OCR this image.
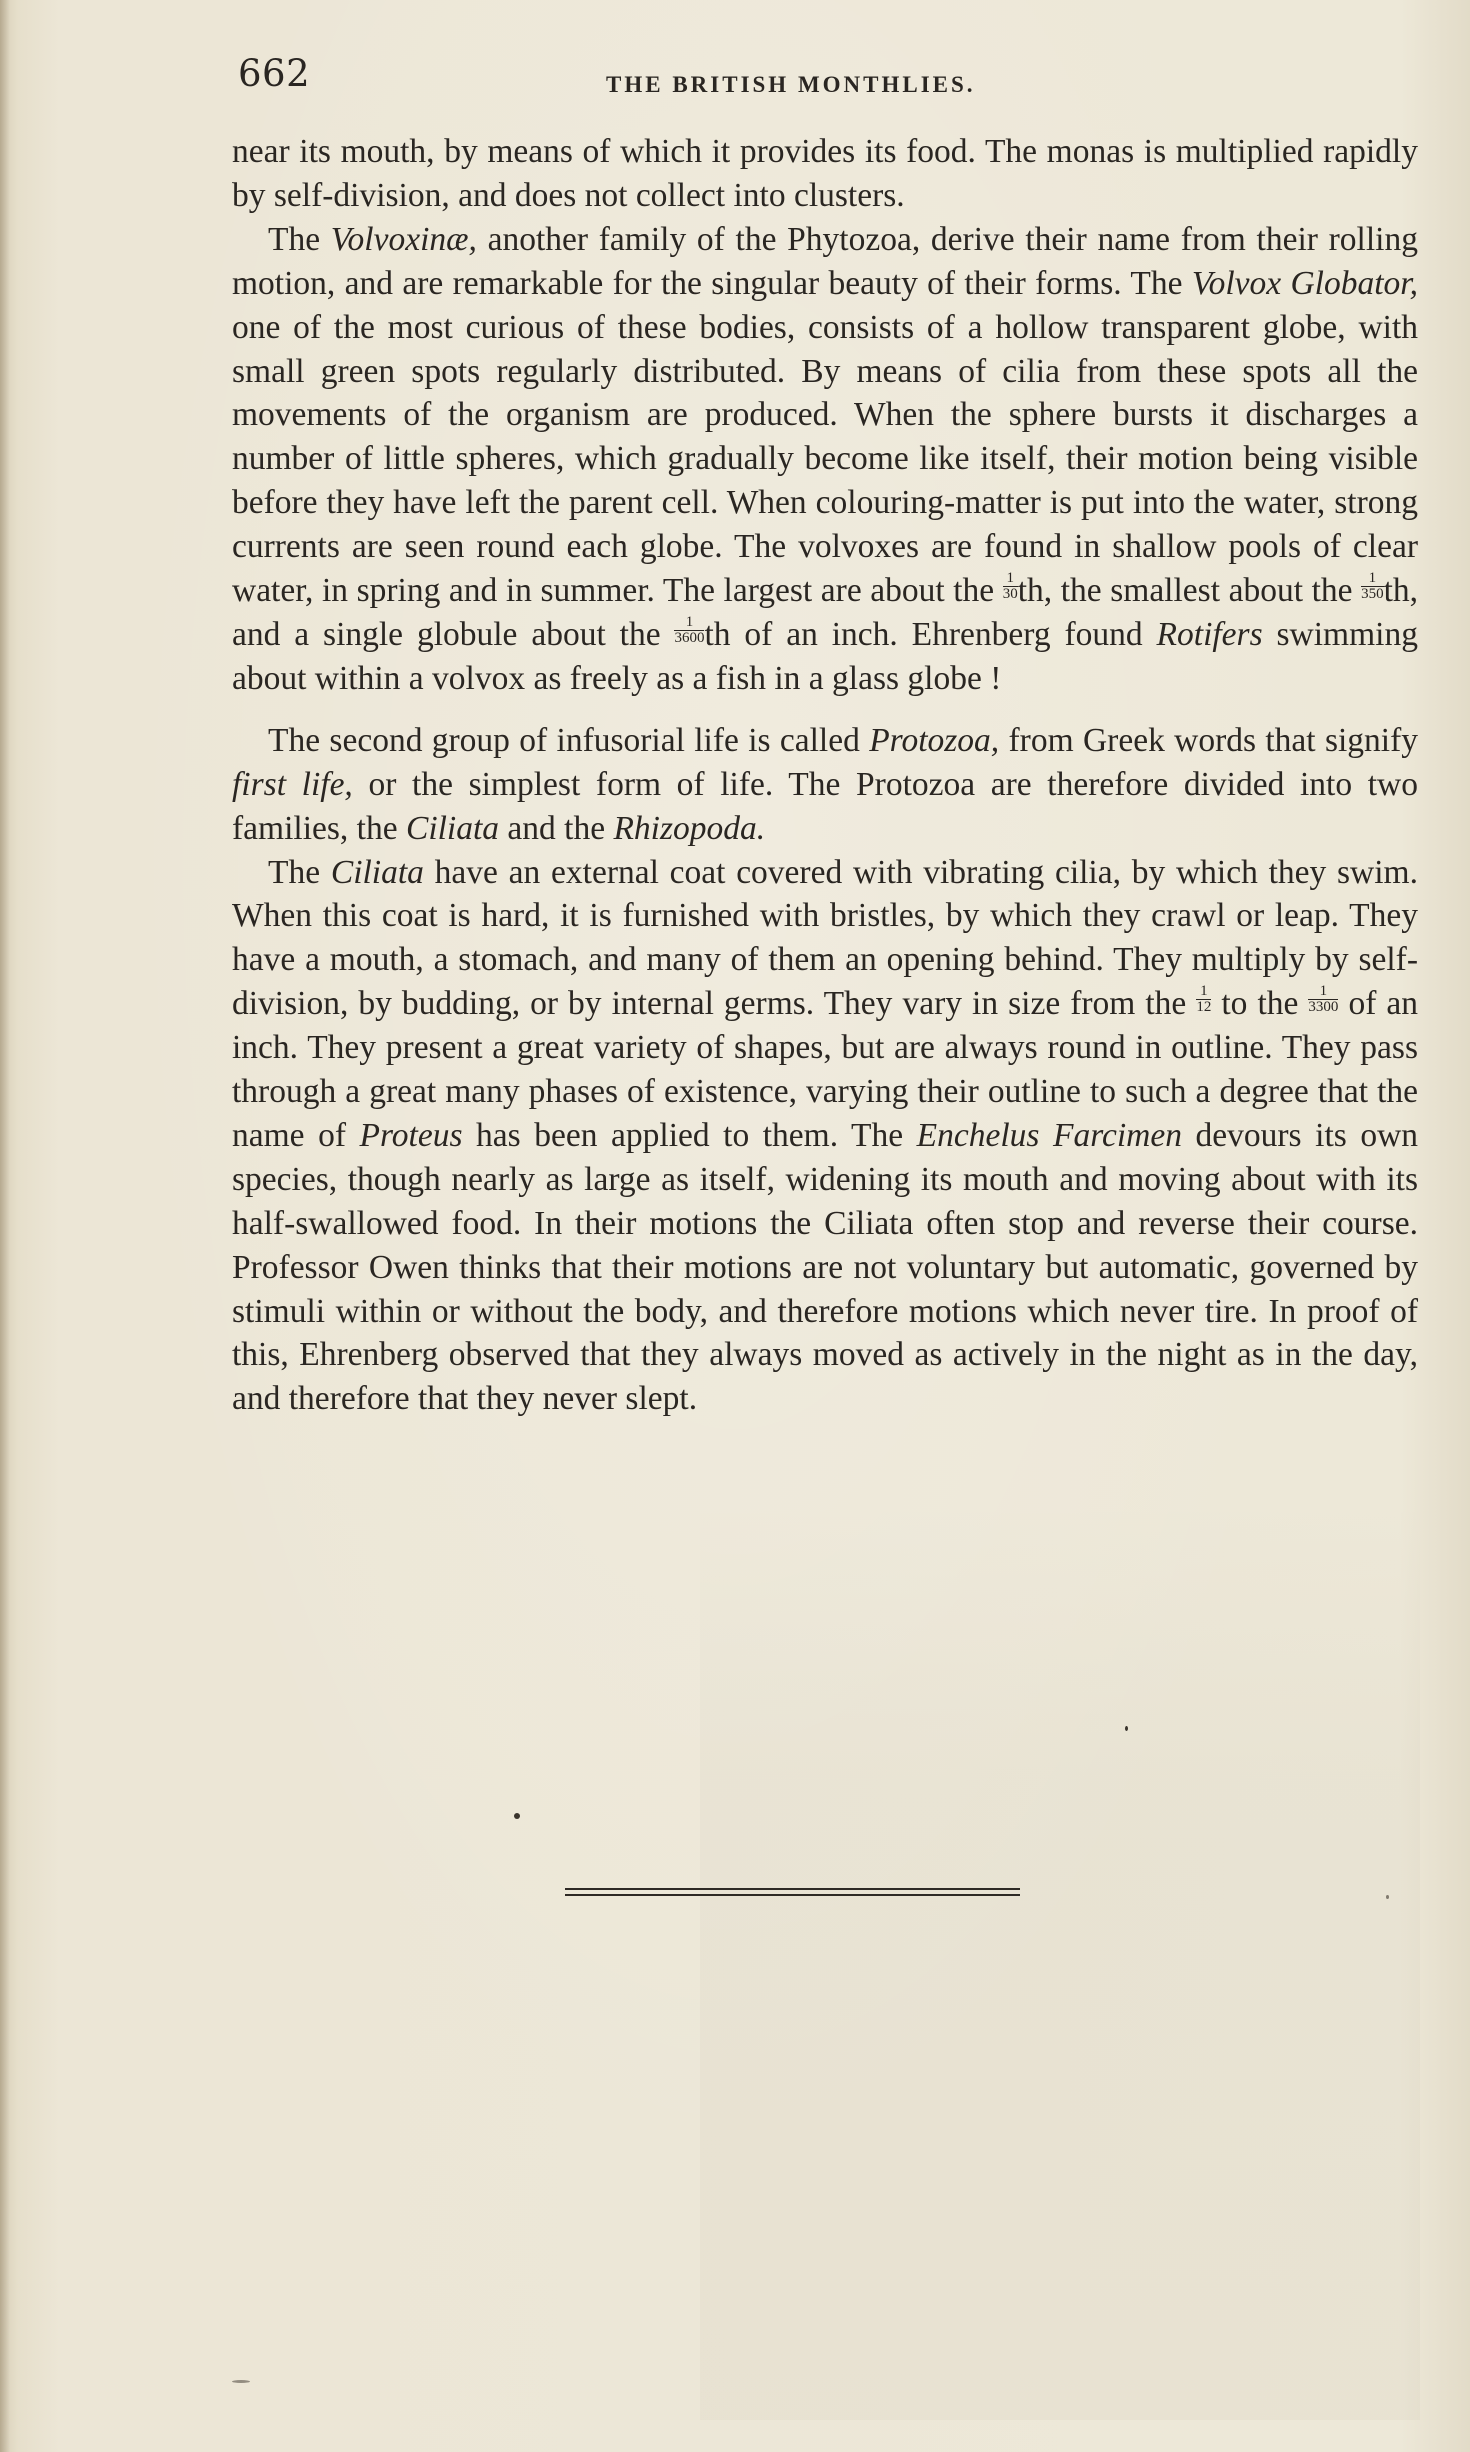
662	THE BRITISH MONTHLIES.

near its mouth, by means of which it provides its food. The monas is multiplied rapidly by self-division, and does not collect into clusters.

The Volvoxinæ, another family of the Phytozoa, derive their name from their rolling motion, and are remarkable for the singular beauty of their forms. The Volvox Globator, one of the most curious of these bodies, consists of a hollow transparent globe, with small green spots regularly distributed. By means of cilia from these spots all the movements of the organism are produced. When the sphere bursts it discharges a number of little spheres, which gradually become like itself, their motion being visible before they have left the parent cell. When colouring-matter is put into the water, strong currents are seen round each globe. The volvoxes are found in shallow pools of clear water, in spring and in summer. The largest are about the $\frac{1}{30}$ th, the smallest about the $\frac{1}{350}$ th, and a single globule about the $\frac{1}{3600}$ th of an inch. Ehrenberg found Rotifers swimming about within a volvox as freely as a fish in a glass globe !

The second group of infusorial life is called Protozoa, from Greek words that signify first life, or the simplest form of life. The Protozoa are therefore divided into two families, the Ciliata and the Rhizopoda.

The Ciliata have an external coat covered with vibrating cilia, by which they swim. When this coat is hard, it is furnished with bristles, by which they crawl or leap. They have a mouth, a stomach, and many of them an opening behind. They multiply by self-division, by budding, or by internal germs. They vary in size from the $\frac{1}{12}$ to the $\frac{1}{3300}$ of an inch. They present a great variety of shapes, but are always round in outline. They pass through a great many phases of existence, varying their outline to such a degree that the name of Proteus has been applied to them. The Enchelus Farcimen devours its own species, though nearly as large as itself, widening its mouth and moving about with its half-swallowed food. In their motions the Ciliata often stop and reverse their course. Professor Owen thinks that their motions are not voluntary but automatic, governed by stimuli within or without the body, and therefore motions which never tire. In proof of this, Ehrenberg observed that they always moved as actively in the night as in the day, and therefore that they never slept.
